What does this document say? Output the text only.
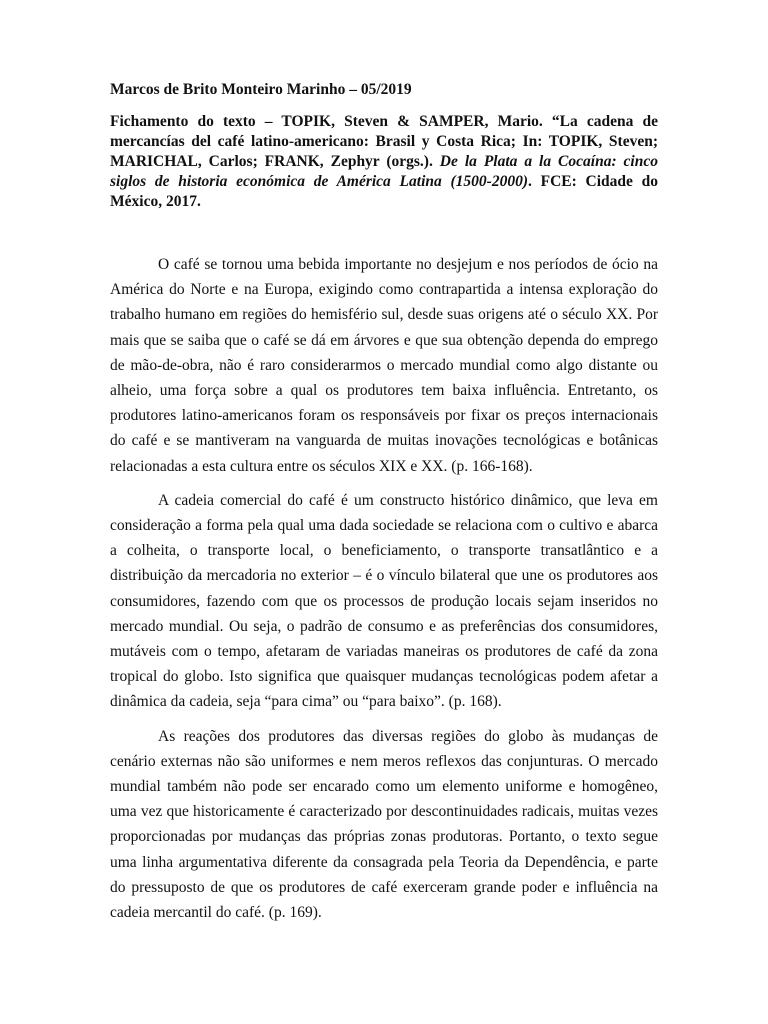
Marcos de Brito Monteiro Marinho – 05/2019

Fichamento do texto – TOPIK, Steven & SAMPER, Mario. “La cadena de mercancías del café latino-americano: Brasil y Costa Rica; In: TOPIK, Steven; MARICHAL, Carlos; FRANK, Zephyr (orgs.). De la Plata a la Cocaína: cinco siglos de historia económica de América Latina (1500-2000). FCE: Cidade do México, 2017.

O café se tornou uma bebida importante no desjejum e nos períodos de ócio na América do Norte e na Europa, exigindo como contrapartida a intensa exploração do trabalho humano em regiões do hemisfério sul, desde suas origens até o século XX. Por mais que se saiba que o café se dá em árvores e que sua obtenção dependa do emprego de mão-de-obra, não é raro considerarmos o mercado mundial como algo distante ou alheio, uma força sobre a qual os produtores tem baixa influência. Entretanto, os produtores latino-americanos foram os responsáveis por fixar os preços internacionais do café e se mantiveram na vanguarda de muitas inovações tecnológicas e botânicas relacionadas a esta cultura entre os séculos XIX e XX. (p. 166-168).

A cadeia comercial do café é um constructo histórico dinâmico, que leva em consideração a forma pela qual uma dada sociedade se relaciona com o cultivo e abarca a colheita, o transporte local, o beneficiamento, o transporte transatlântico e a distribuição da mercadoria no exterior – é o vínculo bilateral que une os produtores aos consumidores, fazendo com que os processos de produção locais sejam inseridos no mercado mundial. Ou seja, o padrão de consumo e as preferências dos consumidores, mutáveis com o tempo, afetaram de variadas maneiras os produtores de café da zona tropical do globo. Isto significa que quaisquer mudanças tecnológicas podem afetar a dinâmica da cadeia, seja “para cima” ou “para baixo”. (p. 168).

As reações dos produtores das diversas regiões do globo às mudanças de cenário externas não são uniformes e nem meros reflexos das conjunturas. O mercado mundial também não pode ser encarado como um elemento uniforme e homogêneo, uma vez que historicamente é caracterizado por descontinuidades radicais, muitas vezes proporcionadas por mudanças das próprias zonas produtoras. Portanto, o texto segue uma linha argumentativa diferente da consagrada pela Teoria da Dependência, e parte do pressuposto de que os produtores de café exerceram grande poder e influência na cadeia mercantil do café. (p. 169).
